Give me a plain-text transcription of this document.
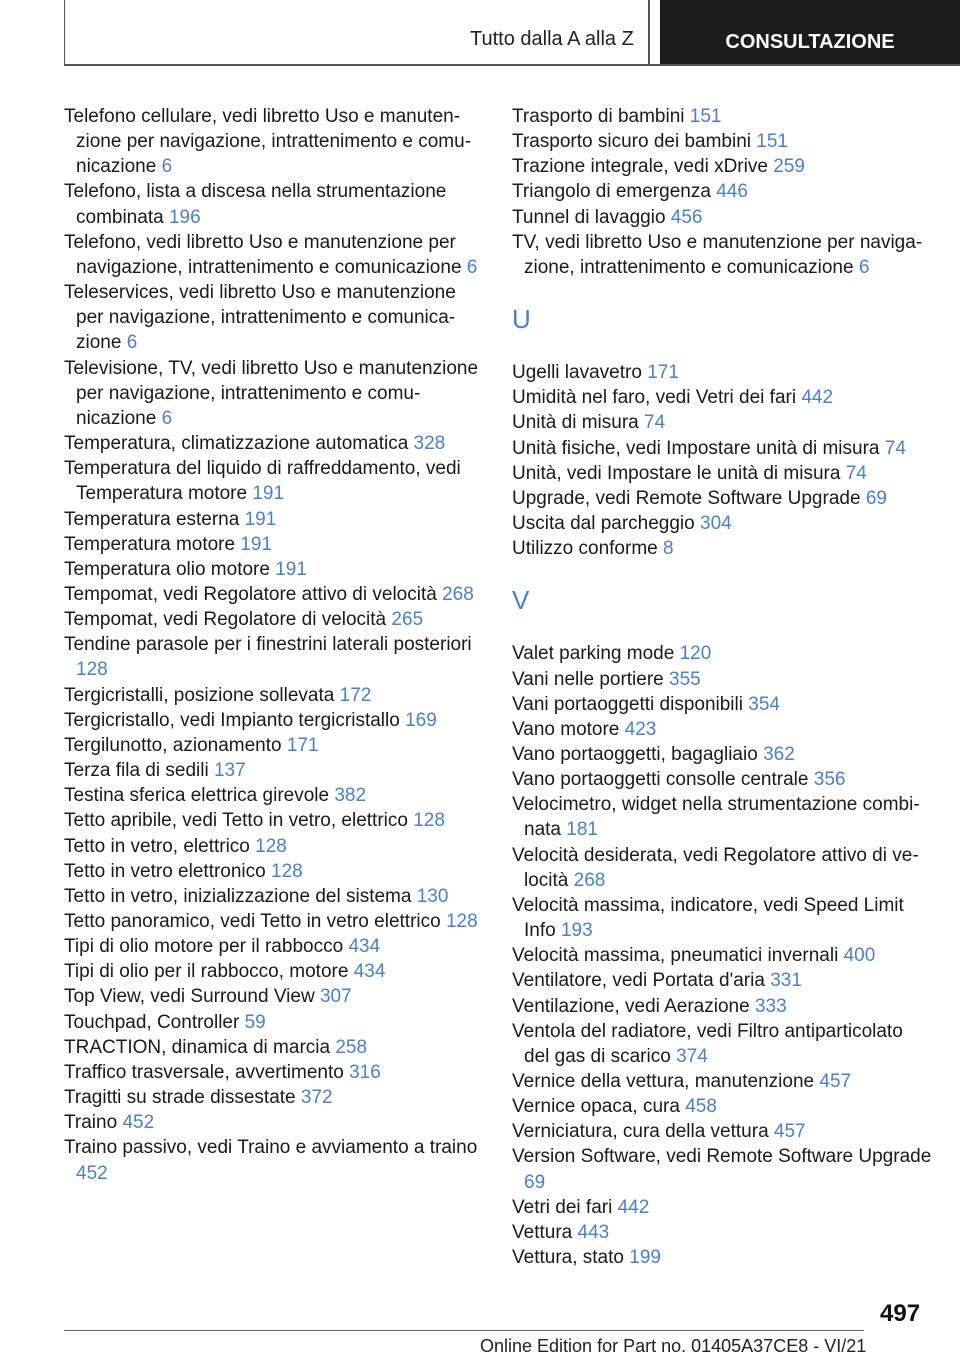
Tutto dalla A alla Z	CONSULTAZIONE

Telefono cellulare, vedi libretto Uso e manutenzione per navigazione, intrattenimento e comunicazione 6

Telefono, lista a discesa nella strumentazione combinata 196

Telefono, vedi libretto Uso e manutenzione per navigazione, intrattenimento e comunicazione 6

Teleservices, vedi libretto Uso e manutenzione per navigazione, intrattenimento e comunicazione 6

Televisione, TV, vedi libretto Uso e manutenzione per navigazione, intrattenimento e comunicazione 6

Temperatura, climatizzazione automatica 328

Temperatura del liquido di raffreddamento, vedi Temperatura motore 191

Temperatura esterna 191

Temperatura motore 191

Temperatura olio motore 191

Tempomat, vedi Regolatore attivo di velocità 268

Tempomat, vedi Regolatore di velocità 265

Tendine parasole per i finestrini laterali posteriori 128

Tergicristalli, posizione sollevata 172

Tergicristallo, vedi Impianto tergicristallo 169

Tergilunotto, azionamento 171

Terza fila di sedili 137

Testina sferica elettrica girevole 382

Tetto apribile, vedi Tetto in vetro, elettrico 128

Tetto in vetro, elettrico 128

Tetto in vetro elettronico 128

Tetto in vetro, inizializzazione del sistema 130

Tetto panoramico, vedi Tetto in vetro elettrico 128

Tipi di olio motore per il rabbocco 434

Tipi di olio per il rabbocco, motore 434

Top View, vedi Surround View 307

Touchpad, Controller 59

TRACTION, dinamica di marcia 258

Traffico trasversale, avvertimento 316

Tragitti su strade dissestate 372

Traino 452

Traino passivo, vedi Traino e avviamento a traino 452

Trasporto di bambini 151

Trasporto sicuro dei bambini 151

Trazione integrale, vedi xDrive 259

Triangolo di emergenza 446

Tunnel di lavaggio 456

TV, vedi libretto Uso e manutenzione per navigazione, intrattenimento e comunicazione 6

U

Ugelli lavavetro 171

Umidità nel faro, vedi Vetri dei fari 442

Unità di misura 74

Unità fisiche, vedi Impostare unità di misura 74

Unità, vedi Impostare le unità di misura 74

Upgrade, vedi Remote Software Upgrade 69

Uscita dal parcheggio 304

Utilizzo conforme 8

V

Valet parking mode 120

Vani nelle portiere 355

Vani portaoggetti disponibili 354

Vano motore 423

Vano portaoggetti, bagagliaio 362

Vano portaoggetti consolle centrale 356

Velocimetro, widget nella strumentazione combinata 181

Velocità desiderata, vedi Regolatore attivo di velocità 268

Velocità massima, indicatore, vedi Speed Limit Info 193

Velocità massima, pneumatici invernali 400

Ventilatore, vedi Portata d'aria 331

Ventilazione, vedi Aerazione 333

Ventola del radiatore, vedi Filtro antiparticolato del gas di scarico 374

Vernice della vettura, manutenzione 457

Vernice opaca, cura 458

Verniciatura, cura della vettura 457

Version Software, vedi Remote Software Upgrade 69

Vetri dei fari 442

Vettura 443

Vettura, stato 199

497
Online Edition for Part no. 01405A37CE8 - VI/21
